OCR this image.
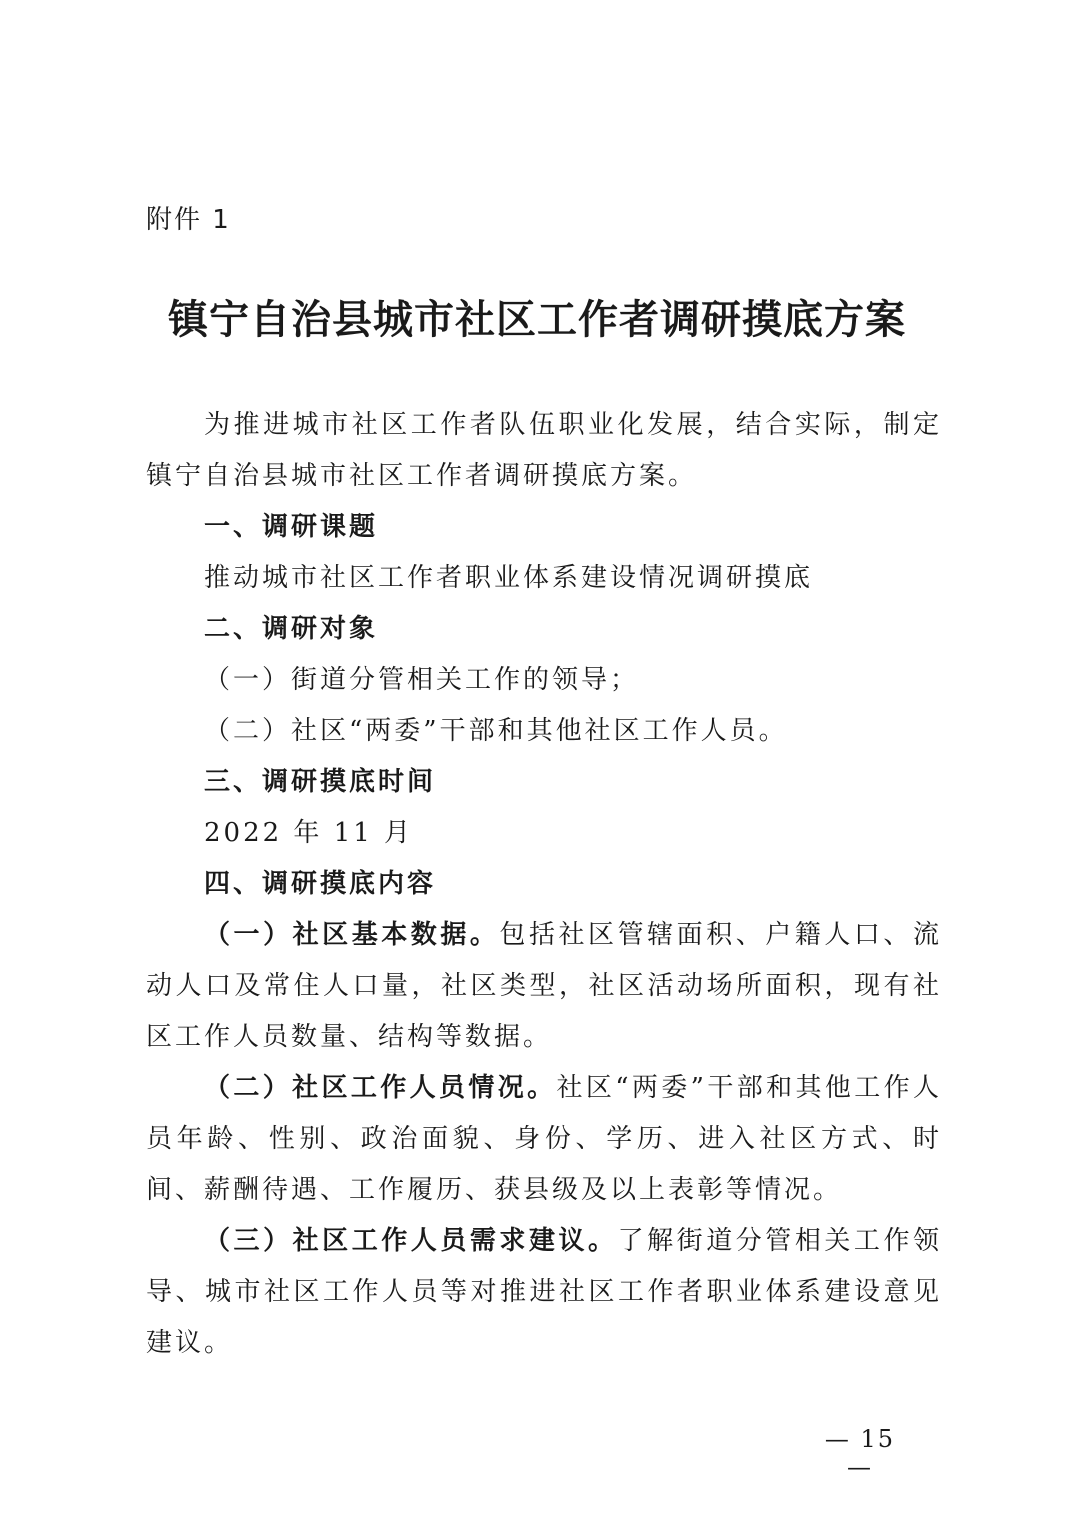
附件 1
镇宁自治县城市社区工作者调研摸底方案

为推进城市社区工作者队伍职业化发展，结合实际，制定镇宁自治县城市社区工作者调研摸底方案。

一、调研课题

推动城市社区工作者职业体系建设情况调研摸底

二、调研对象

（一）街道分管相关工作的领导；

（二）社区“两委”干部和其他社区工作人员。

三、调研摸底时间

2022 年 11 月

四、调研摸底内容

（一）社区基本数据。包括社区管辖面积、户籍人口、流动人口及常住人口量，社区类型，社区活动场所面积，现有社区工作人员数量、结构等数据。

（二）社区工作人员情况。社区“两委”干部和其他工作人员年龄、性别、政治面貌、身份、学历、进入社区方式、时间、薪酬待遇、工作履历、获县级及以上表彰等情况。

（三）社区工作人员需求建议。了解街道分管相关工作领导、城市社区工作人员等对推进社区工作者职业体系建设意见建议。

— 15 —
